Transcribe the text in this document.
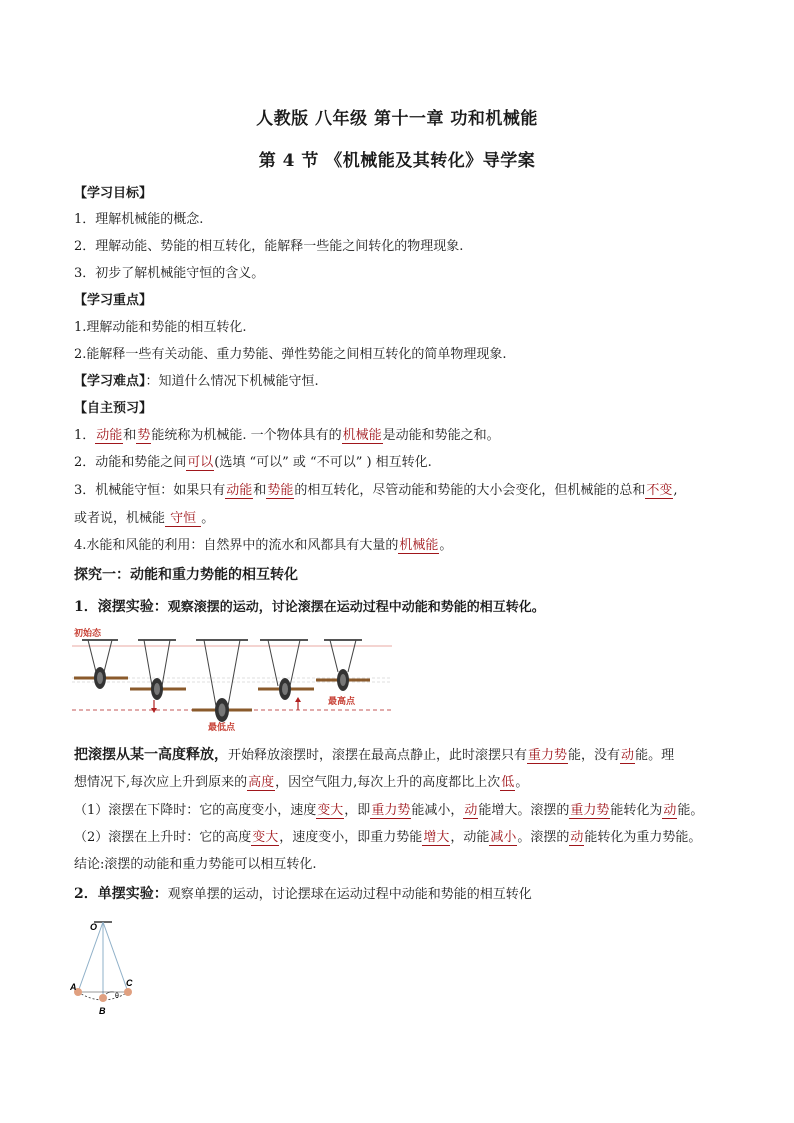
人教版 八年级 第十一章 功和机械能
第 4 节 《机械能及其转化》导学案
【学习目标】
1．理解机械能的概念.
2．理解动能、势能的相互转化，能解释一些能之间转化的物理现象.
3．初步了解机械能守恒的含义。
【学习重点】
1.理解动能和势能的相互转化.
2.能解释一些有关动能、重力势能、弹性势能之间相互转化的简单物理现象.
【学习难点】：知道什么情况下机械能守恒.
【自主预习】
1．动能和势能统称为机械能. 一个物体具有的机械能是动能和势能之和。
2．动能和势能之间可以(选填 “可以” 或 “不可以” ) 相互转化.
3．机械能守恒：如果只有动能和势能的相互转化，尽管动能和势能的大小会变化，但机械能的总和不变,
或者说，机械能 守恒 。
4.水能和风能的利用：自然界中的流水和风都具有大量的机械能。
探究一：动能和重力势能的相互转化
1．滚摆实验：观察滚摆的运动，讨论滚摆在运动过程中动能和势能的相互转化。
初始态
最低点
最高点
把滚摆从某一高度释放，开始释放滚摆时，滚摆在最高点静止，此时滚摆只有重力势能，没有动能。理
想情况下,每次应上升到原来的高度，因空气阻力,每次上升的高度都比上次低。
（1）滚摆在下降时：它的高度变小，速度变大，即重力势能减小，动能增大。滚摆的重力势能转化为动能。
（2）滚摆在上升时：它的高度变大，速度变小，即重力势能增大，动能减小。滚摆的动能转化为重力势能。
结论:滚摆的动能和重力势能可以相互转化.
2．单摆实验：观察单摆的运动，讨论摆球在运动过程中动能和势能的相互转化
O
A
B
C
θ
